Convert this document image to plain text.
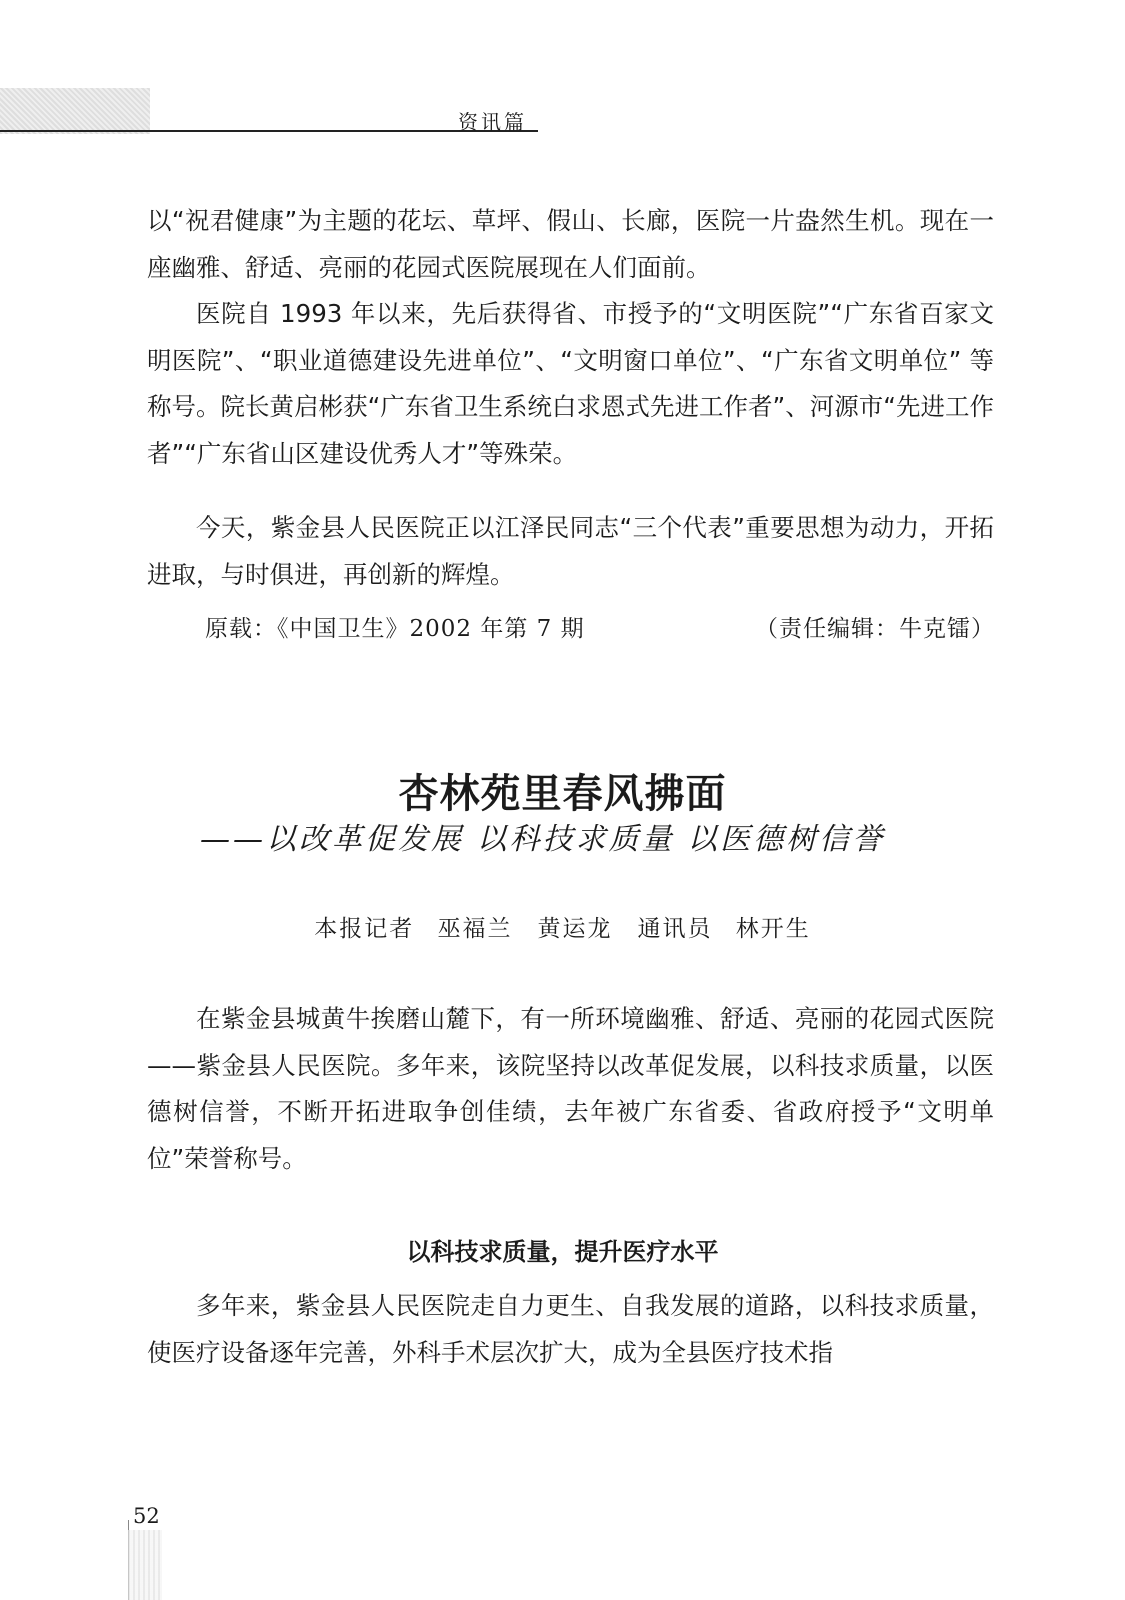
资讯篇

以“祝君健康”为主题的花坛、草坪、假山、长廊，医院一片盎然生机。现在一座幽雅、舒适、亮丽的花园式医院展现在人们面前。

医院自 1993 年以来，先后获得省、市授予的“文明医院”“广东省百家文明医院”、“职业道德建设先进单位”、“文明窗口单位”、“广东省文明单位” 等称号。院长黄启彬获“广东省卫生系统白求恩式先进工作者”、河源市“先进工作者”“广东省山区建设优秀人才”等殊荣。

今天，紫金县人民医院正以江泽民同志“三个代表”重要思想为动力，开拓进取，与时俱进，再创新的辉煌。

原载：《中国卫生》2002 年第 7 期	（责任编辑：牛克镭）
杏林苑里春风拂面
——以改革促发展 以科技求质量 以医德树信誉
本报记者 巫福兰　黄运龙　通讯员 林开生

在紫金县城黄牛挨磨山麓下，有一所环境幽雅、舒适、亮丽的花园式医院——紫金县人民医院。多年来，该院坚持以改革促发展，以科技求质量，以医德树信誉，不断开拓进取争创佳绩，去年被广东省委、省政府授予“文明单位”荣誉称号。

以科技求质量，提升医疗水平

多年来，紫金县人民医院走自力更生、自我发展的道路，以科技求质量，使医疗设备逐年完善，外科手术层次扩大，成为全县医疗技术指

52
